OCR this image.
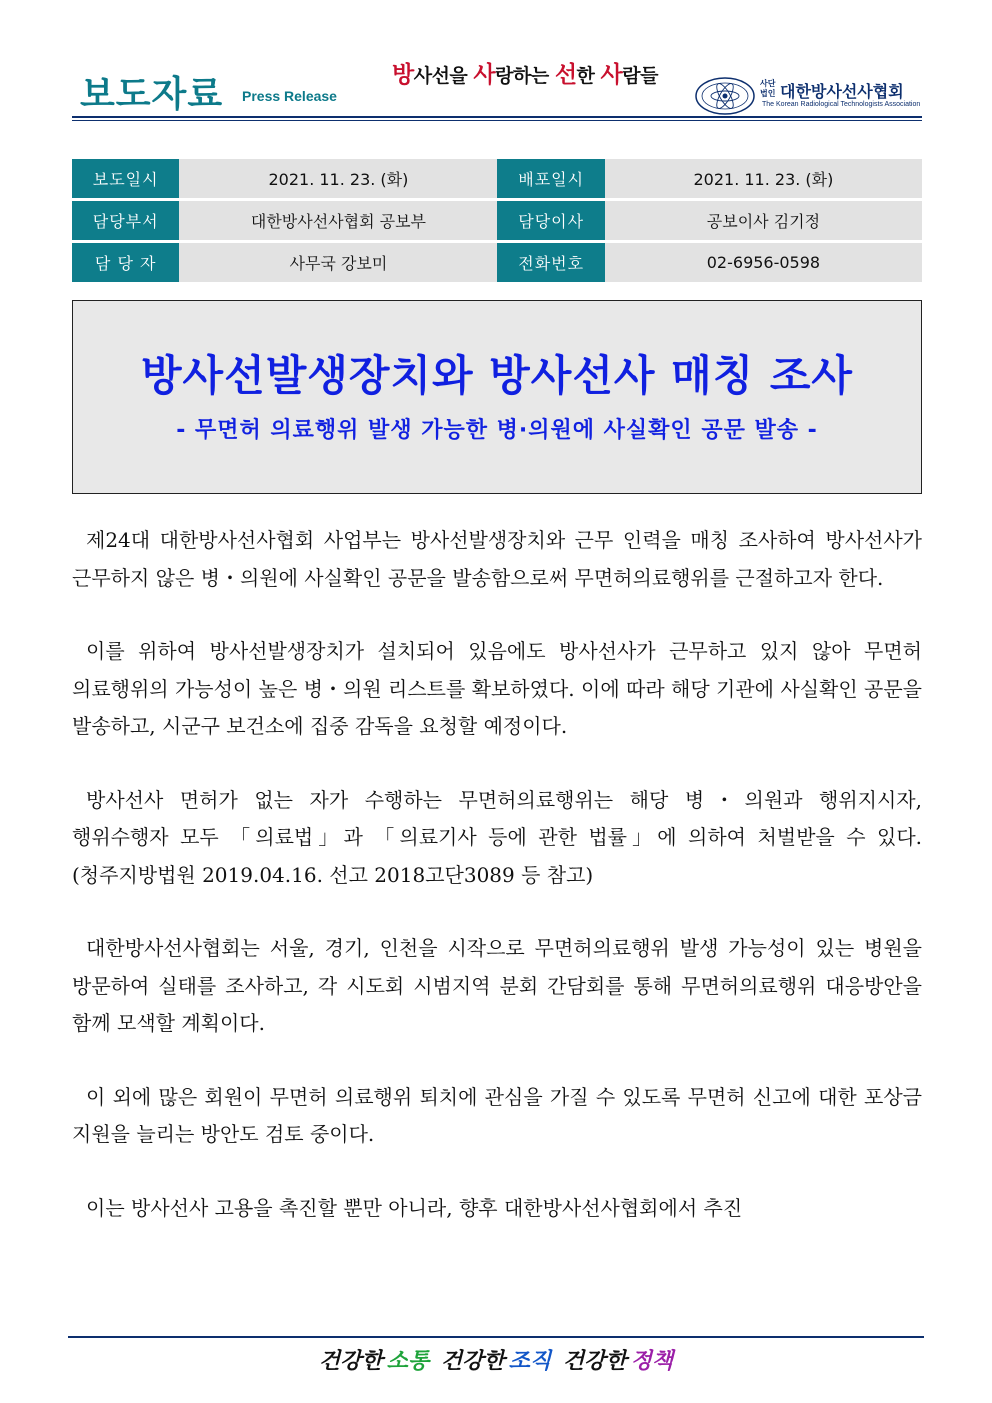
보도자료 Press Release
방사선을 사랑하는 선한 사람들	사단법인 대한방사선사협회
The Korean Radiological Technologists Association
보도일시	2021. 11. 23. (화)	배포일시	2021. 11. 23. (화)
담당부서	대한방사선사협회 공보부	담당이사	공보이사 김기정
담 당 자	사무국 강보미	전화번호	02-6956-0598
방사선발생장치와 방사선사 매칭 조사
- 무면허 의료행위 발생 가능한 병·의원에 사실확인 공문 발송 -

제24대 대한방사선사협회 사업부는 방사선발생장치와 근무 인력을 매칭 조사하여 방사선사가 근무하지 않은 병・의원에 사실확인 공문을 발송함으로써 무면허의료행위를 근절하고자 한다.

이를 위하여 방사선발생장치가 설치되어 있음에도 방사선사가 근무하고 있지 않아 무면허 의료행위의 가능성이 높은 병・의원 리스트를 확보하였다. 이에 따라 해당 기관에 사실확인 공문을 발송하고, 시군구 보건소에 집중 감독을 요청할 예정이다.

방사선사 면허가 없는 자가 수행하는 무면허의료행위는 해당 병・의원과 행위지시자, 행위수행자 모두 「의료법」과 「의료기사 등에 관한 법률」에 의하여 처벌받을 수 있다.(청주지방법원 2019.04.16. 선고 2018고단3089 등 참고)

대한방사선사협회는 서울, 경기, 인천을 시작으로 무면허의료행위 발생 가능성이 있는 병원을 방문하여 실태를 조사하고, 각 시도회 시범지역 분회 간담회를 통해 무면허의료행위 대응방안을 함께 모색할 계획이다.

이 외에 많은 회원이 무면허 의료행위 퇴치에 관심을 가질 수 있도록 무면허 신고에 대한 포상금 지원을 늘리는 방안도 검토 중이다.

이는 방사선사 고용을 촉진할 뿐만 아니라, 향후 대한방사선사협회에서 추진

건강한 소통 건강한 조직 건강한 정책
